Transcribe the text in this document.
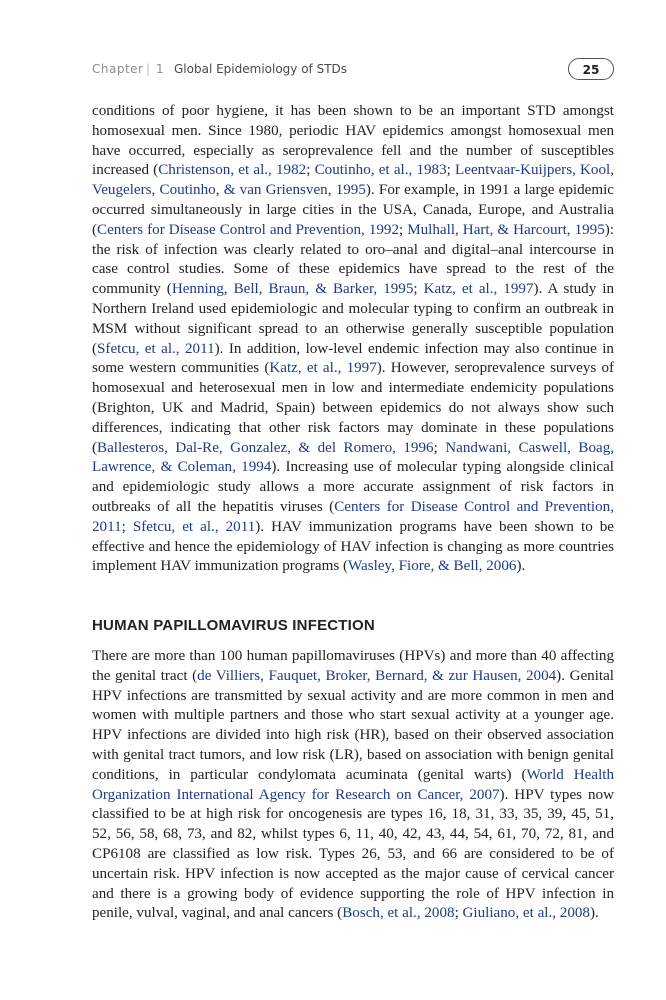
Chapter | 1 Global Epidemiology of STDs	25

conditions of poor hygiene, it has been shown to be an important STD amongst homosexual men. Since 1980, periodic HAV epidemics amongst homosexual men have occurred, especially as seroprevalence fell and the number of susceptibles increased (Christenson, et al., 1982; Coutinho, et al., 1983; Leentvaar-Kuijpers, Kool, Veugelers, Coutinho, & van Griensven, 1995). For example, in 1991 a large epidemic occurred simultaneously in large cities in the USA, Canada, Europe, and Australia (Centers for Disease Control and Prevention, 1992; Mulhall, Hart, & Harcourt, 1995): the risk of infection was clearly related to oro–anal and digital–anal intercourse in case control studies. Some of these epidemics have spread to the rest of the community (Henning, Bell, Braun, & Barker, 1995; Katz, et al., 1997). A study in Northern Ireland used epidemiologic and molecular typing to confirm an outbreak in MSM without significant spread to an otherwise generally susceptible population (Sfetcu, et al., 2011). In addition, low-level endemic infection may also continue in some western communities (Katz, et al., 1997). However, seroprevalence surveys of homosexual and heterosexual men in low and intermediate endemicity populations (Brighton, UK and Madrid, Spain) between epidemics do not always show such differences, indicating that other risk factors may dominate in these populations (Ballesteros, Dal-Re, Gonzalez, & del Romero, 1996; Nandwani, Caswell, Boag, Lawrence, & Coleman, 1994). Increasing use of molecular typing alongside clinical and epidemiologic study allows a more accurate assignment of risk factors in outbreaks of all the hepatitis viruses (Centers for Disease Control and Prevention, 2011; Sfetcu, et al., 2011). HAV immunization programs have been shown to be effective and hence the epidemiology of HAV infection is changing as more countries implement HAV immunization programs (Wasley, Fiore, & Bell, 2006).

HUMAN PAPILLOMAVIRUS INFECTION

There are more than 100 human papillomaviruses (HPVs) and more than 40 affecting the genital tract (de Villiers, Fauquet, Broker, Bernard, & zur Hausen, 2004). Genital HPV infections are transmitted by sexual activity and are more common in men and women with multiple partners and those who start sexual activity at a younger age. HPV infections are divided into high risk (HR), based on their observed association with genital tract tumors, and low risk (LR), based on association with benign genital conditions, in particular condylomata acuminata (genital warts) (World Health Organization International Agency for Research on Cancer, 2007). HPV types now classified to be at high risk for oncogenesis are types 16, 18, 31, 33, 35, 39, 45, 51, 52, 56, 58, 68, 73, and 82, whilst types 6, 11, 40, 42, 43, 44, 54, 61, 70, 72, 81, and CP6108 are classified as low risk. Types 26, 53, and 66 are considered to be of uncertain risk. HPV infection is now accepted as the major cause of cervical cancer and there is a growing body of evidence supporting the role of HPV infection in penile, vulval, vaginal, and anal cancers (Bosch, et al., 2008; Giuliano, et al., 2008).
